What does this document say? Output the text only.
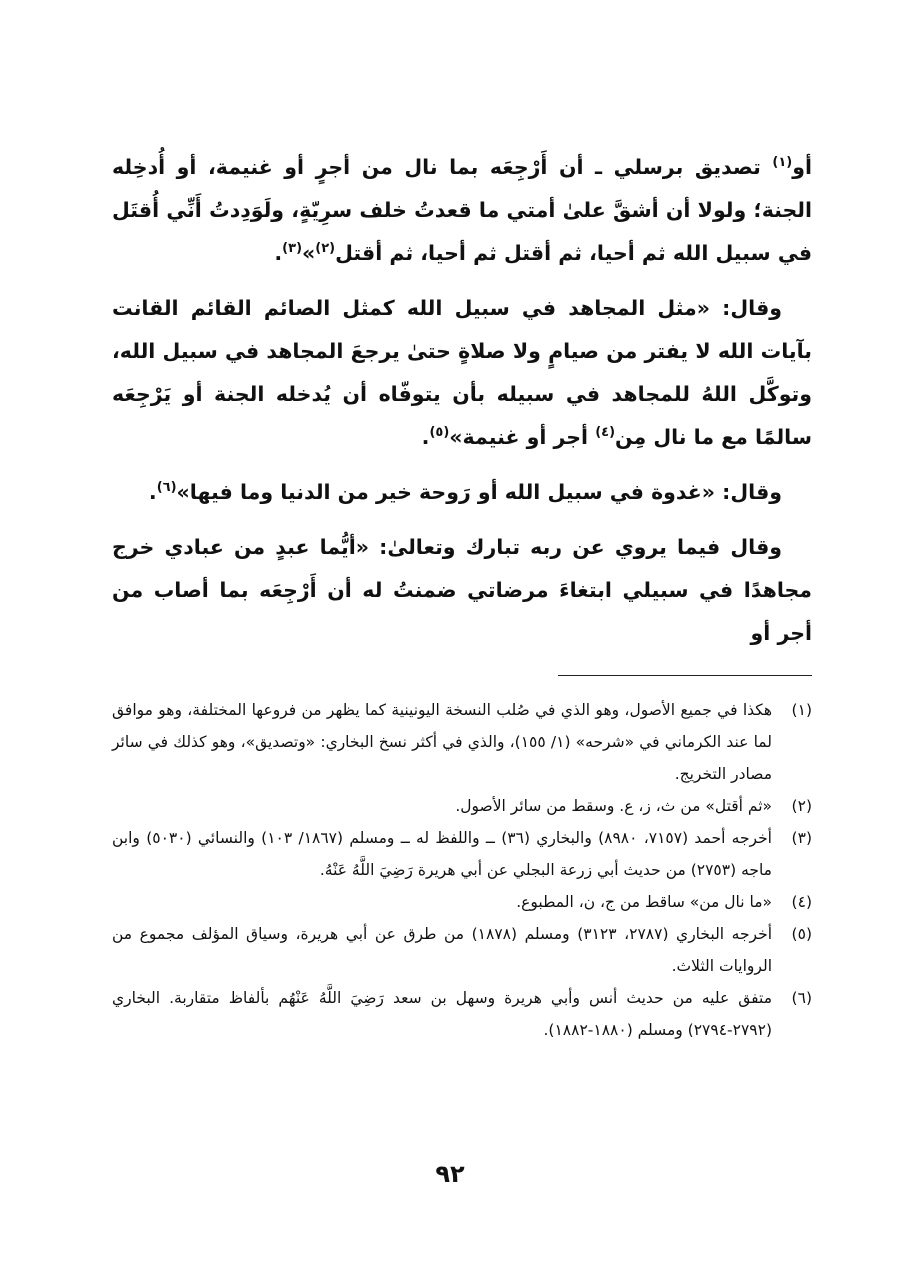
أو$^{(١)}$ تصديق برسلي ـ أن أَرْجِعَه بما نال من أجرٍ أو غنيمة، أو أُدخِله الجنة؛ ولولا أن أشقَّ علىٰ أمتي ما قعدتُ خلف سرِيّةٍ، ولَوَدِدتُ أَنِّي أُقتَل في سبيل الله ثم أحيا، ثم أقتل ثم أحيا، ثم أقتل$^{(٢)}$»$^{(٣)}$.

وقال: «مثل المجاهد في سبيل الله كمثل الصائم القائم القانت بآيات الله لا يفتر من صيامٍ ولا صلاةٍ حتىٰ يرجعَ المجاهد في سبيل الله، وتوكَّل اللهُ للمجاهد في سبيله بأن يتوفّاه أن يُدخله الجنة أو يَرْجِعَه سالمًا مع ما نال مِن$^{(٤)}$ أجر أو غنيمة»$^{(٥)}$.

وقال: «غدوة في سبيل الله أو رَوحة خير من الدنيا وما فيها»$^{(٦)}$.

وقال فيما يروي عن ربه تبارك وتعالىٰ: «أيُّما عبدٍ من عبادي خرج مجاهدًا في سبيلي ابتغاءَ مرضاتي ضمنتُ له أن أَرْجِعَه بما أصاب من أجر أو

(١)
هكذا في جميع الأصول، وهو الذي في صُلب النسخة اليونينية كما يظهر من فروعها المختلفة، وهو موافق لما عند الكرماني في «شرحه» (١/ ١٥٥)، والذي في أكثر نسخ البخاري: «وتصديق»، وهو كذلك في سائر مصادر التخريج.
(٢)
«ثم أقتل» من ث، ز، ع. وسقط من سائر الأصول.
(٣)
أخرجه أحمد (٧١٥٧، ٨٩٨٠) والبخاري (٣٦) ــ واللفظ له ــ ومسلم (١٨٦٧/ ١٠٣) والنسائي (٥٠٣٠) وابن ماجه (٢٧٥٣) من حديث أبي زرعة البجلي عن أبي هريرة رَضِيَ اللَّهُ عَنْهُ.
(٤)
«ما نال من» ساقط من ج، ن، المطبوع.
(٥)
أخرجه البخاري (٢٧٨٧، ٣١٢٣) ومسلم (١٨٧٨) من طرق عن أبي هريرة، وسياق المؤلف مجموع من الروايات الثلاث.
(٦)
متفق عليه من حديث أنس وأبي هريرة وسهل بن سعد رَضِيَ اللَّهُ عَنْهُم بألفاظ متقاربة. البخاري (٢٧٩٢-٢٧٩٤) ومسلم (١٨٨٠-١٨٨٢).
٩٢
